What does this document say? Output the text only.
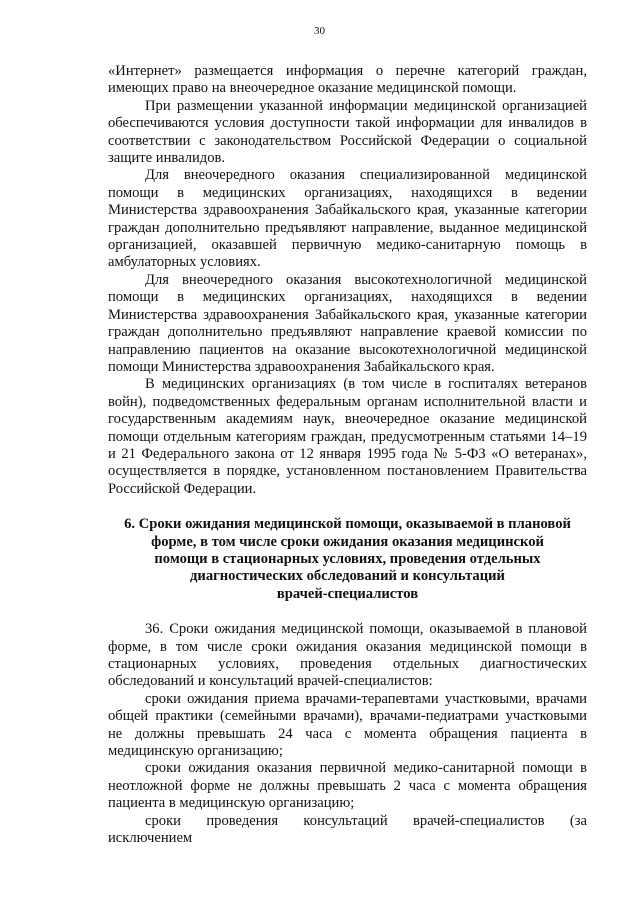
30

«Интернет» размещается информация о перечне категорий граждан, имеющих право на внеочередное оказание медицинской помощи.

При размещении указанной информации медицинской организацией обеспечиваются условия доступности такой информации для инвалидов в соответствии с законодательством Российской Федерации о социальной защите инвалидов.

Для внеочередного оказания специализированной медицинской помощи в медицинских организациях, находящихся в ведении Министерства здравоохранения Забайкальского края, указанные категории граждан дополнительно предъявляют направление, выданное медицинской организацией, оказавшей первичную медико-санитарную помощь в амбулаторных условиях.

Для внеочередного оказания высокотехнологичной медицинской помощи в медицинских организациях, находящихся в ведении Министерства здравоохранения Забайкальского края, указанные категории граждан дополнительно предъявляют направление краевой комиссии по направлению пациентов на оказание высокотехнологичной медицинской помощи Министерства здравоохранения Забайкальского края.

В медицинских организациях (в том числе в госпиталях ветеранов войн), подведомственных федеральным органам исполнительной власти и государственным академиям наук, внеочередное оказание медицинской помощи отдельным категориям граждан, предусмотренным статьями 14–19 и 21 Федерального закона от 12 января 1995 года № 5-ФЗ «О ветеранах», осуществляется в порядке, установленном постановлением Правительства Российской Федерации.

6. Сроки ожидания медицинской помощи, оказываемой в плановой
форме, в том числе сроки ожидания оказания медицинской
помощи в стационарных условиях, проведения отдельных
диагностических обследований и консультаций
врачей-специалистов

36. Сроки ожидания медицинской помощи, оказываемой в плановой форме, в том числе сроки ожидания оказания медицинской помощи в стационарных условиях, проведения отдельных диагностических обследований и консультаций врачей-специалистов:

сроки ожидания приема врачами-терапевтами участковыми, врачами общей практики (семейными врачами), врачами-педиатрами участковыми не должны превышать 24 часа с момента обращения пациента в медицинскую организацию;

сроки ожидания оказания первичной медико-санитарной помощи в неотложной форме не должны превышать 2 часа с момента обращения пациента в медицинскую организацию;

сроки проведения консультаций врачей-специалистов (за исключением
